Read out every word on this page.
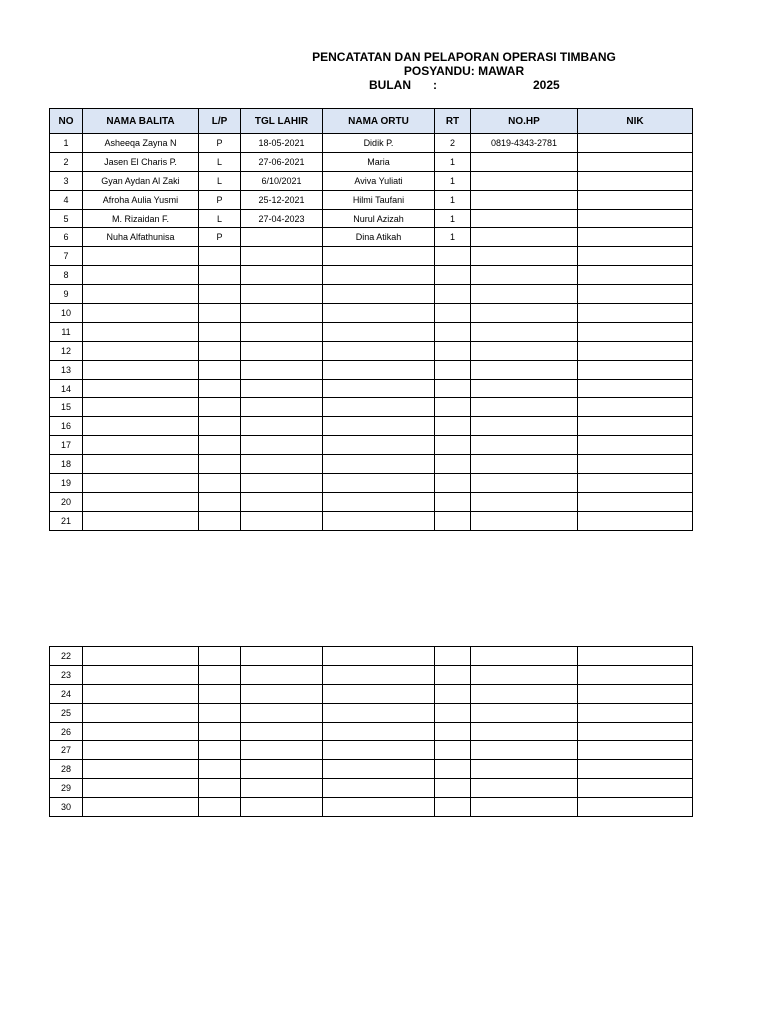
PENCATATAN DAN PELAPORAN OPERASI TIMBANG
POSYANDU: MAWAR
BULAN :	2025
NO	NAMA BALITA	L/P	TGL LAHIR	NAMA ORTU	RT	NO.HP	NIK
1	Asheeqa Zayna N	P	18-05-2021	Didik P.	2	0819-4343-2781	
2	Jasen El Charis P.	L	27-06-2021	Maria	1		
3	Gyan Aydan Al Zaki	L	6/10/2021	Aviva Yuliati	1		
4	Afroha Aulia Yusmi	P	25-12-2021	Hilmi Taufani	1		
5	M. Rizaidan F.	L	27-04-2023	Nurul Azizah	1		
6	Nuha Alfathunisa	P		Dina Atikah	1		
7							
8							
9							
10							
11							
12							
13							
14							
15							
16							
17							
18							
19							
20							
21							
22							
23							
24							
25							
26							
27							
28							
29							
30							
